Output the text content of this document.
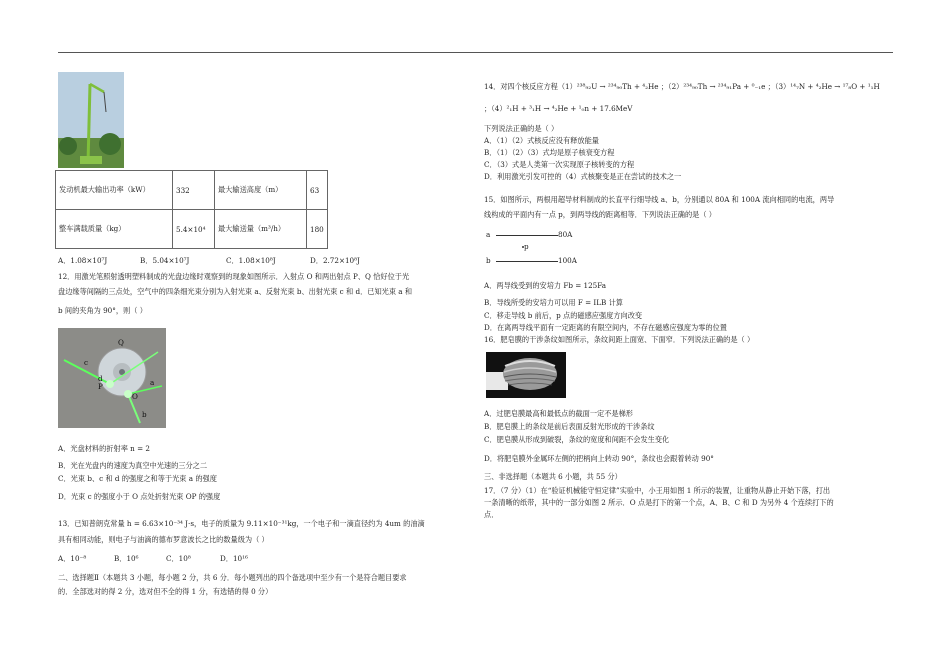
发动机最大输出功率（kW）	332	最大输送高度（m）	63
整车满载质量（kg）	5.4×10⁴	最大输送量（m³/h）	180
A．1.08×10⁷J	B．5.04×10⁷J	C．1.08×10⁸J	D．2.72×10⁸J
12．用激光笔照射透明塑料制成的光盘边缘时观察到的现象如图所示．入射点 O 和两出射点 P、Q 恰好位于光
盘边缘等间隔的三点处，空气中的四条细光束分别为入射光束 a、反射光束 b、出射光束 c 和 d．已知光束 a 和
b 间的夹角为 90°，则（ ）
Q
c
d
P
O
a
b
A．光盘材料的折射率 n = 2
B．光在光盘内的速度为真空中光速的三分之二
C．光束 b、c 和 d 的强度之和等于光束 a 的强度
D．光束 c 的强度小于 O 点处折射光束 OP 的强度
13．已知普朗克常量 h = 6.63×10⁻³⁴ J·s，电子的质量为 9.11×10⁻³¹kg，一个电子和一滴直径约为 4um 的油滴
具有相同动能，则电子与油滴的德布罗意波长之比的数量级为（ ）
A．10⁻⁸	B．10⁶	C．10⁸	D．10¹⁶
二、选择题Ⅱ（本题共 3 小题，每小题 2 分，共 6 分．每小题列出的四个备选项中至少有一个是符合题目要求
的．全部选对的得 2 分，选对但不全的得 1 分，有选错的得 0 分）
14．对四个核反应方程（1）²³⁸₉₂U → ²³⁴₉₀Th + ⁴₂He ；（2）²³⁴₉₀Th → ²³⁴₉₁Pa + ⁰₋₁e ；（3）¹⁴₇N + ⁴₂He → ¹⁷₈O + ¹₁H
；（4）²₁H + ³₁H → ⁴₂He + ¹₀n + 17.6MeV
下列说法正确的是（ ）
A．（1）（2）式核反应没有释放能量
B．（1）（2）（3）式均是原子核衰变方程
C．（3）式是人类第一次实现原子核转变的方程
D．利用激光引发可控的（4）式核聚变是正在尝试的技术之一
15．如图所示，两根用超导材料制成的长直平行细导线 a、b，分别通以 80A 和 100A 流向相同的电流，两导
线构成的平面内有一点 p，到两导线的距离相等．下列说法正确的是（ ）
a	80A
p
b	100A
A．两导线受到的安培力 Fb = 125Fa
B．导线所受的安培力可以用 F = ILB 计算
C．移走导线 b 前后，p 点的磁感应强度方向改变
D．在离两导线平面有一定距离的有限空间内，不存在磁感应强度为零的位置
16．肥皂膜的干涉条纹如图所示，条纹间距上面宽、下面窄．下列说法正确的是（ ）
A．过肥皂膜最高和最低点的截面一定不是梯形
B．肥皂膜上的条纹是前后表面反射光形成的干涉条纹
C．肥皂膜从形成到破裂，条纹的宽度和间距不会发生变化
D．将肥皂膜外金属环左侧的把柄向上转动 90°，条纹也会跟着转动 90°
三、非选择题（本题共 6 小题，共 55 分）
17．（7 分）（1）在“验证机械能守恒定律”实验中，小王用如图 1 所示的装置，让重物从静止开始下落，打出
一条清晰的纸带，其中的一部分如图 2 所示．O 点是打下的第一个点，A、B、C 和 D 为另外 4 个连续打下的
点．
